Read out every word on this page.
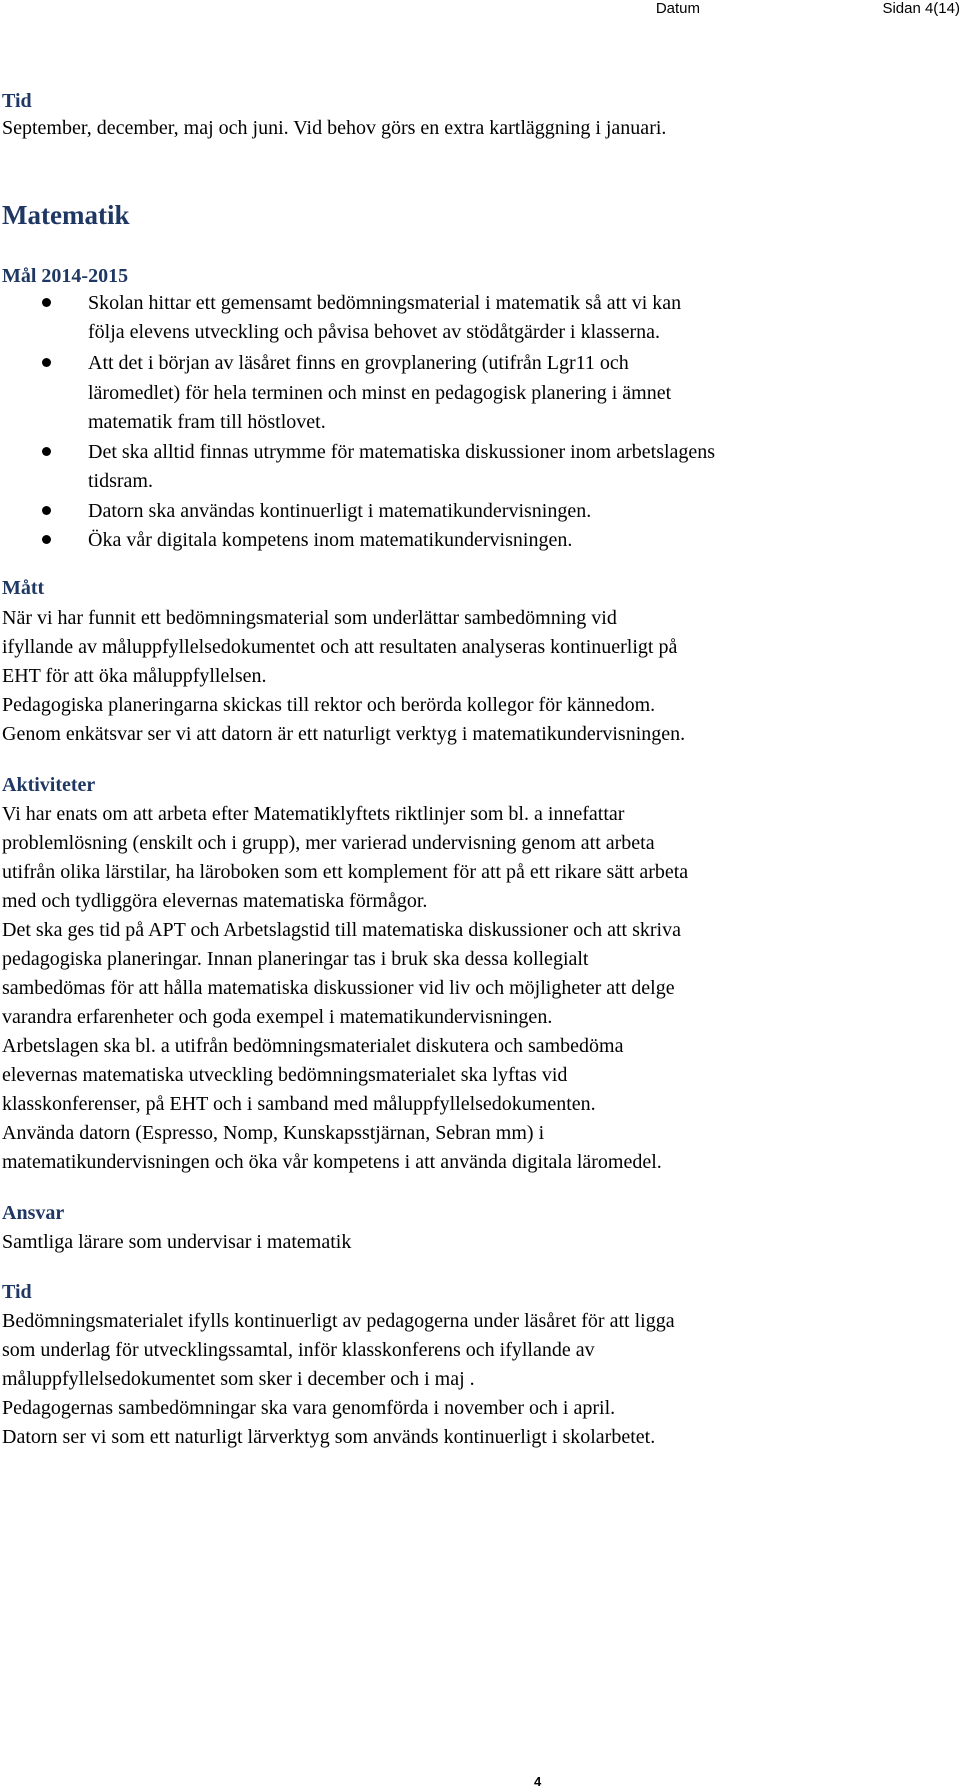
Datum	Sidan 4(14)
Tid
September, december, maj och juni. Vid behov görs en extra kartläggning i januari.
Matematik
Mål 2014-2015
Skolan hittar ett gemensamt bedömningsmaterial i matematik så att vi kan
följa elevens utveckling och påvisa behovet av stödåtgärder i klasserna.
Att det i början av läsåret finns en grovplanering (utifrån Lgr11 och
läromedlet) för hela terminen och minst en pedagogisk planering i ämnet
matematik fram till höstlovet.
Det ska alltid finnas utrymme för matematiska diskussioner inom arbetslagens
tidsram.
Datorn ska användas kontinuerligt i matematikundervisningen.
Öka vår digitala kompetens inom matematikundervisningen.
Mått
När vi har funnit ett bedömningsmaterial som underlättar sambedömning vid
ifyllande av måluppfyllelsedokumentet och att resultaten analyseras kontinuerligt på
EHT för att öka måluppfyllelsen.
Pedagogiska planeringarna skickas till rektor och berörda kollegor för kännedom.
Genom enkätsvar ser vi att datorn är ett naturligt verktyg i matematikundervisningen.
Aktiviteter
Vi har enats om att arbeta efter Matematiklyftets riktlinjer som bl. a innefattar
problemlösning (enskilt och i grupp), mer varierad undervisning genom att arbeta
utifrån olika lärstilar, ha läroboken som ett komplement för att på ett rikare sätt arbeta
med och tydliggöra elevernas matematiska förmågor.
Det ska ges tid på APT och Arbetslagstid till matematiska diskussioner och att skriva
pedagogiska planeringar. Innan planeringar tas i bruk ska dessa kollegialt
sambedömas för att hålla matematiska diskussioner vid liv och möjligheter att delge
varandra erfarenheter och goda exempel i matematikundervisningen.
Arbetslagen ska bl. a utifrån bedömningsmaterialet diskutera och sambedöma
elevernas matematiska utveckling bedömningsmaterialet ska lyftas vid
klasskonferenser, på EHT och i samband med måluppfyllelsedokumenten.
Använda datorn (Espresso, Nomp, Kunskapsstjärnan, Sebran mm) i
matematikundervisningen och öka vår kompetens i att använda digitala läromedel.
Ansvar
Samtliga lärare som undervisar i matematik
Tid
Bedömningsmaterialet ifylls kontinuerligt av pedagogerna under läsåret för att ligga
som underlag för utvecklingssamtal, inför klasskonferens och ifyllande av
måluppfyllelsedokumentet som sker i december och i maj .
Pedagogernas sambedömningar ska vara genomförda i november och i april.
Datorn ser vi som ett naturligt lärverktyg som används kontinuerligt i skolarbetet.
4
